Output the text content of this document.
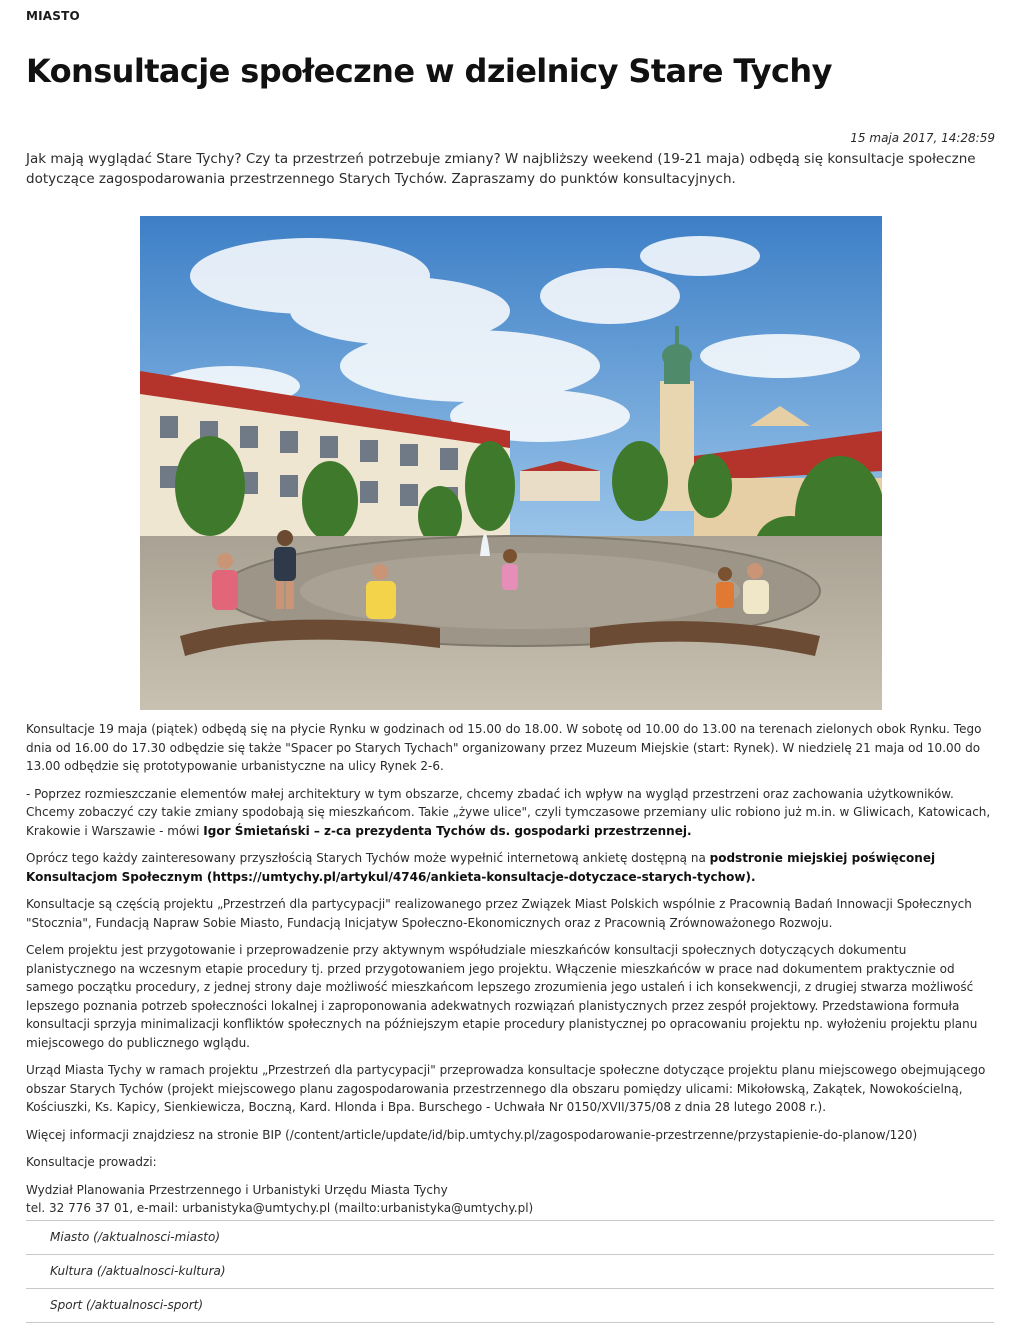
MIASTO
Konsultacje społeczne w dzielnicy Stare Tychy
15 maja 2017, 14:28:59

Jak mają wyglądać Stare Tychy? Czy ta przestrzeń potrzebuje zmiany? W najbliższy weekend (19-21 maja) odbędą się konsultacje społeczne dotyczące zagospodarowania przestrzennego Starych Tychów. Zapraszamy do punktów konsultacyjnych.

Konsultacje 19 maja (piątek) odbędą się na płycie Rynku w godzinach od 15.00 do 18.00. W sobotę od 10.00 do 13.00 na terenach zielonych obok Rynku. Tego dnia od 16.00 do 17.30 odbędzie się także "Spacer po Starych Tychach" organizowany przez Muzeum Miejskie (start: Rynek). W niedzielę 21 maja od 10.00 do 13.00 odbędzie się prototypowanie urbanistyczne na ulicy Rynek 2-6.

- Poprzez rozmieszczanie elementów małej architektury w tym obszarze, chcemy zbadać ich wpływ na wygląd przestrzeni oraz zachowania użytkowników. Chcemy zobaczyć czy takie zmiany spodobają się mieszkańcom. Takie „żywe ulice", czyli tymczasowe przemiany ulic robiono już m.in. w Gliwicach, Katowicach, Krakowie i Warszawie - mówi Igor Śmietański – z-ca prezydenta Tychów ds. gospodarki przestrzennej.

Oprócz tego każdy zainteresowany przyszłością Starych Tychów może wypełnić internetową ankietę dostępną na podstronie miejskiej poświęconej Konsultacjom Społecznym (https://umtychy.pl/artykul/4746/ankieta-konsultacje-dotyczace-starych-tychow).

Konsultacje są częścią projektu „Przestrzeń dla partycypacji" realizowanego przez Związek Miast Polskich wspólnie z Pracownią Badań Innowacji Społecznych "Stocznia", Fundacją Napraw Sobie Miasto, Fundacją Inicjatyw Społeczno-Ekonomicznych oraz z Pracownią Zrównoważonego Rozwoju.

Celem projektu jest przygotowanie i przeprowadzenie przy aktywnym współudziale mieszkańców konsultacji społecznych dotyczących dokumentu planistycznego na wczesnym etapie procedury tj. przed przygotowaniem jego projektu. Włączenie mieszkańców w prace nad dokumentem praktycznie od samego początku procedury, z jednej strony daje możliwość mieszkańcom lepszego zrozumienia jego ustaleń i ich konsekwencji, z drugiej stwarza możliwość lepszego poznania potrzeb społeczności lokalnej i zaproponowania adekwatnych rozwiązań planistycznych przez zespół projektowy. Przedstawiona formuła konsultacji sprzyja minimalizacji konfliktów społecznych na późniejszym etapie procedury planistycznej po opracowaniu projektu np. wyłożeniu projektu planu miejscowego do publicznego wglądu.

Urząd Miasta Tychy w ramach projektu „Przestrzeń dla partycypacji" przeprowadza konsultacje społeczne dotyczące projektu planu miejscowego obejmującego obszar Starych Tychów (projekt miejscowego planu zagospodarowania przestrzennego dla obszaru pomiędzy ulicami: Mikołowską, Zakątek, Nowokościelną, Kościuszki, Ks. Kapicy, Sienkiewicza, Boczną, Kard. Hlonda i Bpa. Burschego - Uchwała Nr 0150/XVII/375/08 z dnia 28 lutego 2008 r.).

Więcej informacji znajdziesz na stronie BIP (/content/article/update/id/bip.umtychy.pl/zagospodarowanie-przestrzenne/przystapienie-do-planow/120)

Konsultacje prowadzi:

Wydział Planowania Przestrzennego i Urbanistyki Urzędu Miasta Tychy
tel. 32 776 37 01, e-mail: urbanistyka@umtychy.pl (mailto:urbanistyka@umtychy.pl)

Miasto (/aktualnosci-miasto)
Kultura (/aktualnosci-kultura)
Sport (/aktualnosci-sport)
